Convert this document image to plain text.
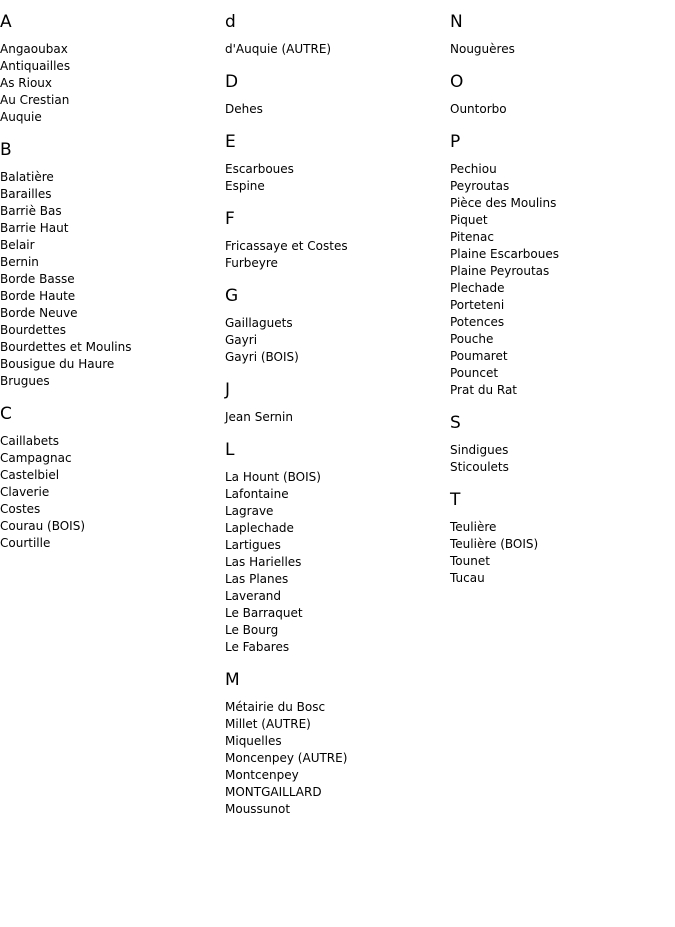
A
Angaoubax
Antiquailles
As Rioux
Au Crestian
Auquie
B
Balatière
Barailles
Barriè Bas
Barrie Haut
Belair
Bernin
Borde Basse
Borde Haute
Borde Neuve
Bourdettes
Bourdettes et Moulins
Bousigue du Haure
Brugues
C
Caillabets
Campagnac
Castelbiel
Claverie
Costes
Courau (BOIS)
Courtille
d
d'Auquie (AUTRE)
D
Dehes
E
Escarboues
Espine
F
Fricassaye et Costes
Furbeyre
G
Gaillaguets
Gayri
Gayri (BOIS)
J
Jean Sernin
L
La Hount (BOIS)
Lafontaine
Lagrave
Laplechade
Lartigues
Las Harielles
Las Planes
Laverand
Le Barraquet
Le Bourg
Le Fabares
M
Métairie du Bosc
Millet (AUTRE)
Miquelles
Moncenpey (AUTRE)
Montcenpey
MONTGAILLARD
Moussunot
N
Nouguères
O
Ountorbo
P
Pechiou
Peyroutas
Pièce des Moulins
Piquet
Pitenac
Plaine Escarboues
Plaine Peyroutas
Plechade
Porteteni
Potences
Pouche
Poumaret
Pouncet
Prat du Rat
S
Sindigues
Sticoulets
T
Teulière
Teulière (BOIS)
Tounet
Tucau
